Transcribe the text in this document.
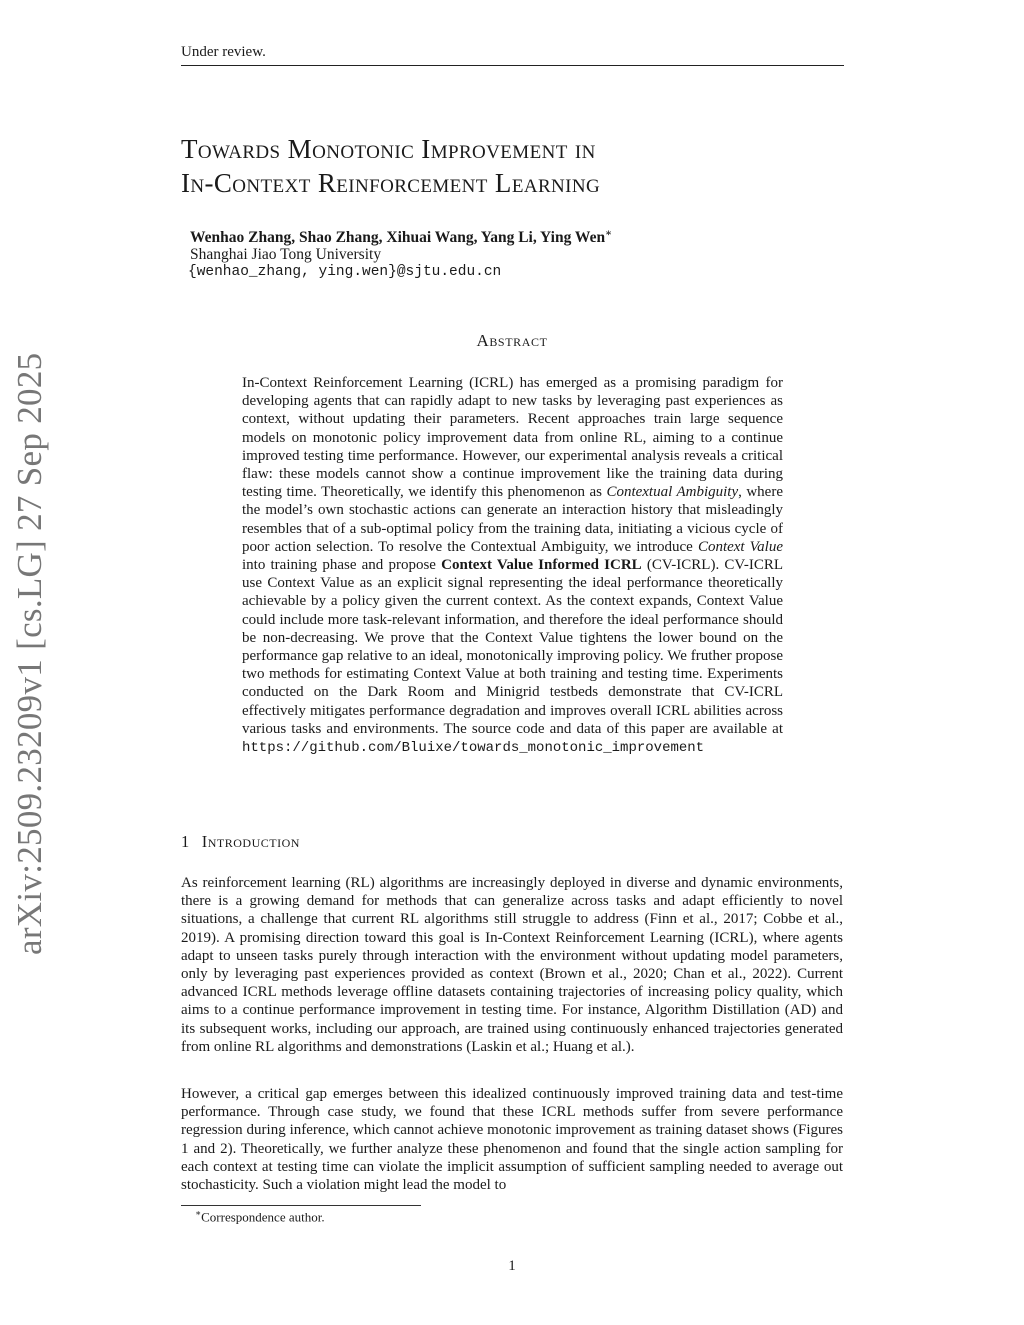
Under review.
arXiv:2509.23209v1 [cs.LG] 27 Sep 2025
Towards Monotonic Improvement in
In-Context Reinforcement Learning
Wenhao Zhang, Shao Zhang, Xihuai Wang, Yang Li, Ying Wen∗
Shanghai Jiao Tong University
{wenhao_zhang, ying.wen}@sjtu.edu.cn
Abstract
In-Context Reinforcement Learning (ICRL) has emerged as a promising paradigm for developing agents that can rapidly adapt to new tasks by leveraging past experiences as context, without updating their parameters. Recent approaches train large sequence models on monotonic policy improvement data from online RL, aiming to a continue improved testing time performance. However, our experimental analysis reveals a critical flaw: these models cannot show a continue improvement like the training data during testing time. Theoretically, we identify this phenomenon as Contextual Ambiguity, where the model’s own stochastic actions can generate an interaction history that misleadingly resembles that of a sub-optimal policy from the training data, initiating a vicious cycle of poor action selection. To resolve the Contextual Ambiguity, we introduce Context Value into training phase and propose Context Value Informed ICRL (CV-ICRL). CV-ICRL use Context Value as an explicit signal representing the ideal performance theoretically achievable by a policy given the current context. As the context expands, Context Value could include more task-relevant information, and therefore the ideal performance should be non-decreasing. We prove that the Context Value tightens the lower bound on the performance gap relative to an ideal, monotonically improving policy. We fruther propose two methods for estimating Context Value at both training and testing time. Experiments conducted on the Dark Room and Minigrid testbeds demonstrate that CV-ICRL effectively mitigates performance degradation and improves overall ICRL abilities across various tasks and environments. The source code and data of this paper are available at https://github.com/Bluixe/towards_monotonic_improvement
1 Introduction
As reinforcement learning (RL) algorithms are increasingly deployed in diverse and dynamic environments, there is a growing demand for methods that can generalize across tasks and adapt efficiently to novel situations, a challenge that current RL algorithms still struggle to address (Finn et al., 2017; Cobbe et al., 2019). A promising direction toward this goal is In-Context Reinforcement Learning (ICRL), where agents adapt to unseen tasks purely through interaction with the environment without updating model parameters, only by leveraging past experiences provided as context (Brown et al., 2020; Chan et al., 2022). Current advanced ICRL methods leverage offline datasets containing trajectories of increasing policy quality, which aims to a continue performance improvement in testing time. For instance, Algorithm Distillation (AD) and its subsequent works, including our approach, are trained using continuously enhanced trajectories generated from online RL algorithms and demonstrations (Laskin et al.; Huang et al.).
However, a critical gap emerges between this idealized continuously improved training data and test-time performance. Through case study, we found that these ICRL methods suffer from severe performance regression during inference, which cannot achieve monotonic improvement as training dataset shows (Figures 1 and 2). Theoretically, we further analyze these phenomenon and found that the single action sampling for each context at testing time can violate the implicit assumption of sufficient sampling needed to average out stochasticity. Such a violation might lead the model to
∗Correspondence author.
1
